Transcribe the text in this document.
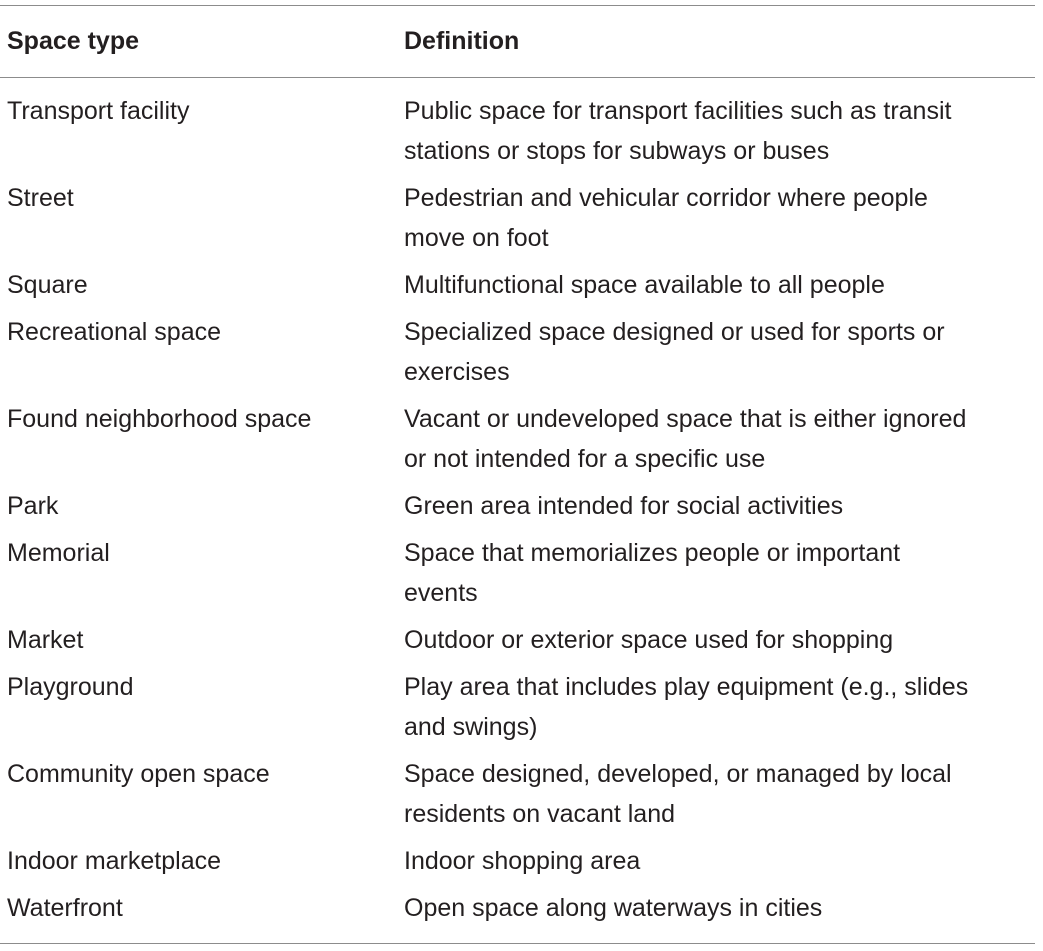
Space type	Definition
Transport facility	Public space for transport facilities such as transit
stations or stops for subways or buses
Street	Pedestrian and vehicular corridor where people
move on foot
Square	Multifunctional space available to all people
Recreational space	Specialized space designed or used for sports or
exercises
Found neighborhood space	Vacant or undeveloped space that is either ignored
or not intended for a specific use
Park	Green area intended for social activities
Memorial	Space that memorializes people or important
events
Market	Outdoor or exterior space used for shopping
Playground	Play area that includes play equipment (e.g., slides
and swings)
Community open space	Space designed, developed, or managed by local
residents on vacant land
Indoor marketplace	Indoor shopping area
Waterfront	Open space along waterways in cities
